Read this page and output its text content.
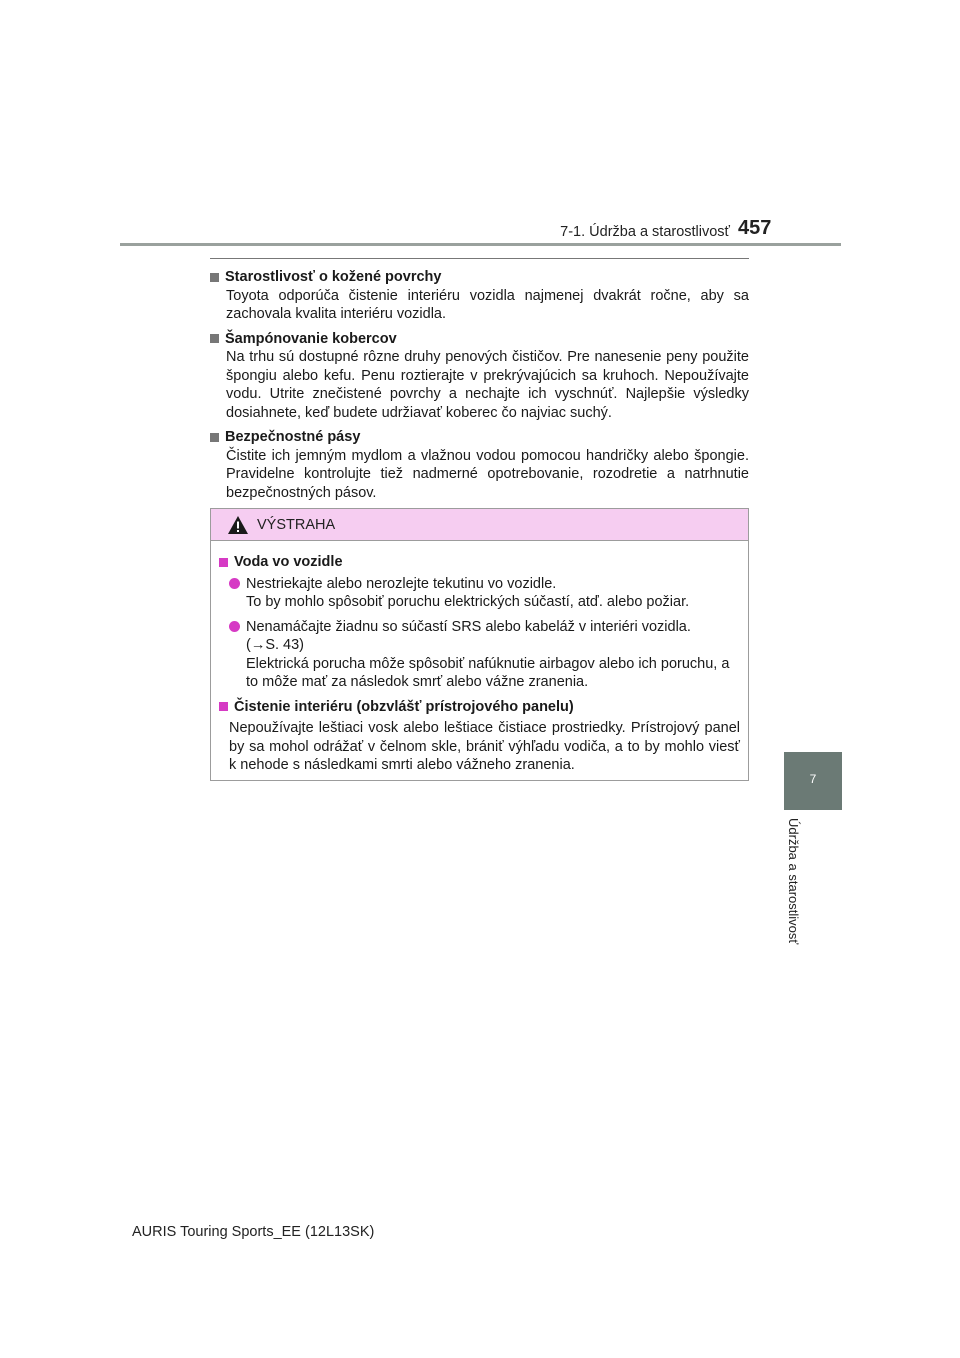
7-1. Údržba a starostlivosť 457
Starostlivosť o kožené povrchy
Toyota odporúča čistenie interiéru vozidla najmenej dvakrát ročne, aby sa zachovala kvalita interiéru vozidla.
Šampónovanie kobercov
Na trhu sú dostupné rôzne druhy penových čističov. Pre nanesenie peny použite špongiu alebo kefu. Penu roztierajte v prekrývajúcich sa kruhoch. Nepoužívajte vodu. Utrite znečistené povrchy a nechajte ich vyschnúť. Najlepšie výsledky dosiahnete, keď budete udržiavať koberec čo najviac suchý.
Bezpečnostné pásy
Čistite ich jemným mydlom a vlažnou vodou pomocou handričky alebo špongie. Pravidelne kontrolujte tiež nadmerné opotrebovanie, rozodretie a natrhnutie bezpečnostných pásov.
VÝSTRAHA
Voda vo vozidle
Nestriekajte alebo nerozlejte tekutinu vo vozidle.
To by mohlo spôsobiť poruchu elektrických súčastí, atď. alebo požiar.
Nenamáčajte žiadnu so súčastí SRS alebo kabeláž v interiéri vozidla.
(→S. 43)
Elektrická porucha môže spôsobiť nafúknutie airbagov alebo ich poruchu, a to môže mať za následok smrť alebo vážne zranenia.
Čistenie interiéru (obzvlášť prístrojového panelu)
Nepoužívajte leštiaci vosk alebo leštiace čistiace prostriedky. Prístrojový panel by sa mohol odrážať v čelnom skle, brániť výhľadu vodiča, a to by mohlo viesť k nehode s následkami smrti alebo vážneho zranenia.
7
Údržba a starostlivosť
AURIS Touring Sports_EE (12L13SK)
